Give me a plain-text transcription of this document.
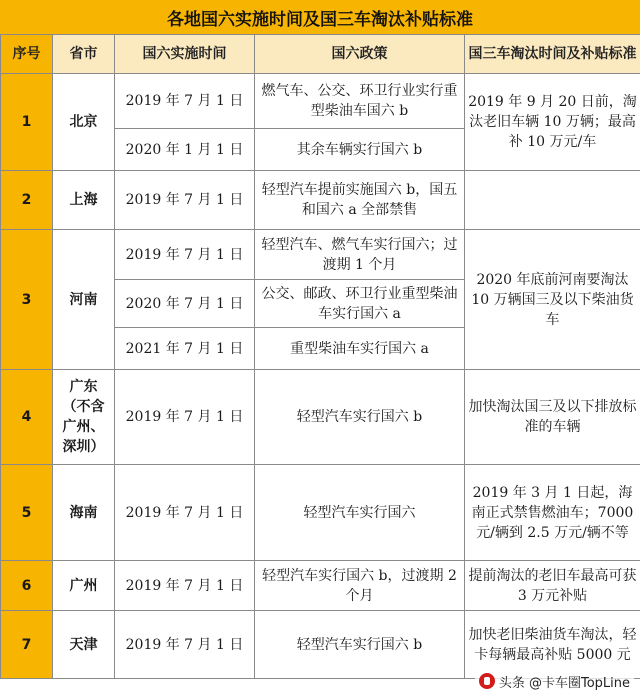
各地国六实施时间及国三车淘汰补贴标准
序号	省市	国六实施时间	国六政策	国三车淘汰时间及补贴标准
1	北京	2019 年 7 月 1 日	燃气车、公交、环卫行业实行重型柴油车国六 b	2019 年 9 月 20 日前，淘汰老旧车辆 10 万辆；最高补 10 万元/车
		2020 年 1 月 1 日	其余车辆实行国六 b	
2	上海	2019 年 7 月 1 日	轻型汽车提前实施国六 b，国五和国六 a 全部禁售	
3	河南	2019 年 7 月 1 日	轻型汽车、燃气车实行国六；过渡期 1 个月	2020 年底前河南要淘汰 10 万辆国三及以下柴油货车
		2020 年 7 月 1 日	公交、邮政、环卫行业重型柴油车实行国六 a	
		2021 年 7 月 1 日	重型柴油车实行国六 a	
4	广东（不含广州、深圳）	2019 年 7 月 1 日	轻型汽车实行国六 b	加快淘汰国三及以下排放标准的车辆
5	海南	2019 年 7 月 1 日	轻型汽车实行国六	2019 年 3 月 1 日起，海南正式禁售燃油车；7000 元/辆到 2.5 万元/辆不等
6	广州	2019 年 7 月 1 日	轻型汽车实行国六 b，过渡期 2 个月	提前淘汰的老旧车最高可获 3 万元补贴
7	天津	2019 年 7 月 1 日	轻型汽车实行国六 b	加快老旧柴油货车淘汰，轻卡每辆最高补贴 5000 元
头条 @卡车圈TopLine
